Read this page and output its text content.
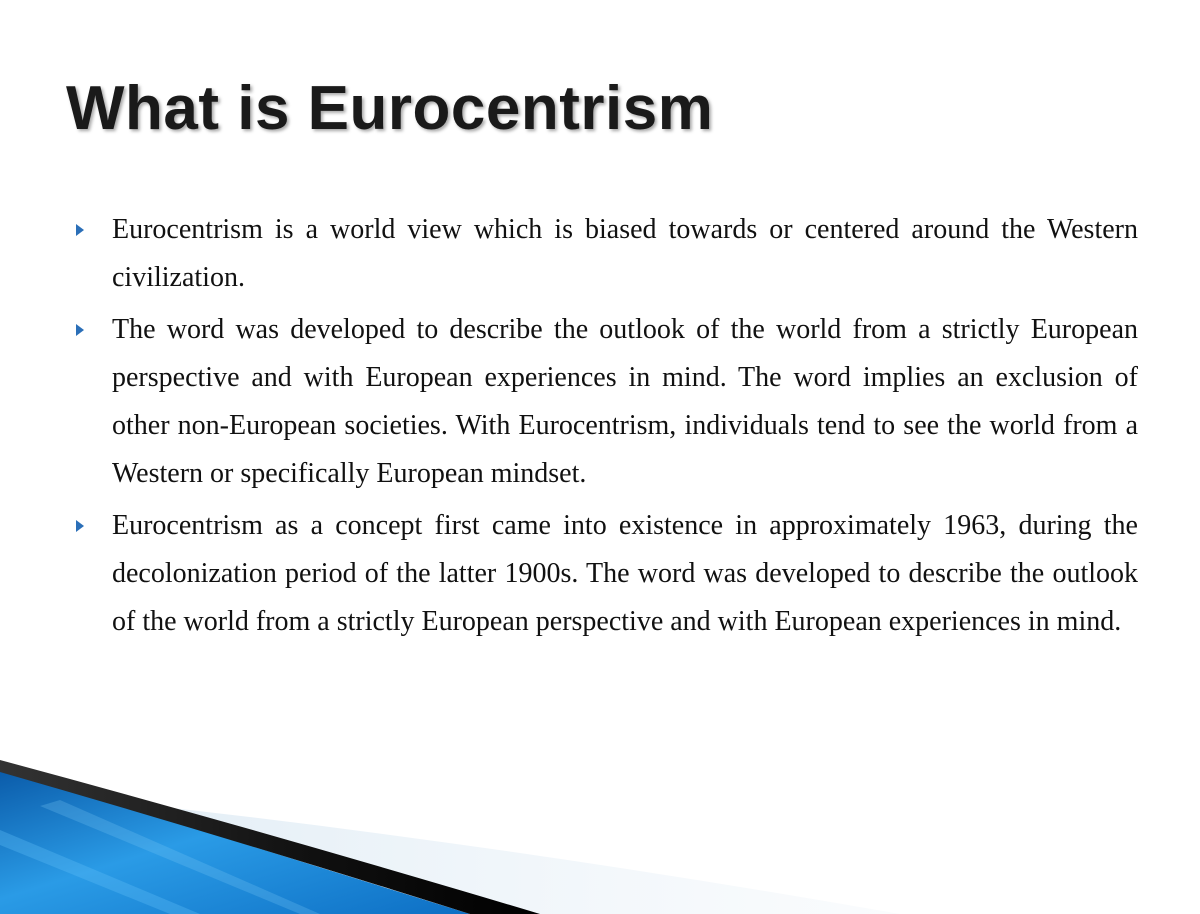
What is Eurocentrism
Eurocentrism is a world view which is biased towards or centered around the Western civilization.
The word was developed to describe the outlook of the world from a strictly European perspective and with European experiences in mind. The word implies an exclusion of other non-European societies. With Eurocentrism, individuals tend to see the world from a Western or specifically European mindset.
Eurocentrism as a concept first came into existence in approximately 1963, during the decolonization period of the latter 1900s. The word was developed to describe the outlook of the world from a strictly European perspective and with European experiences in mind.
